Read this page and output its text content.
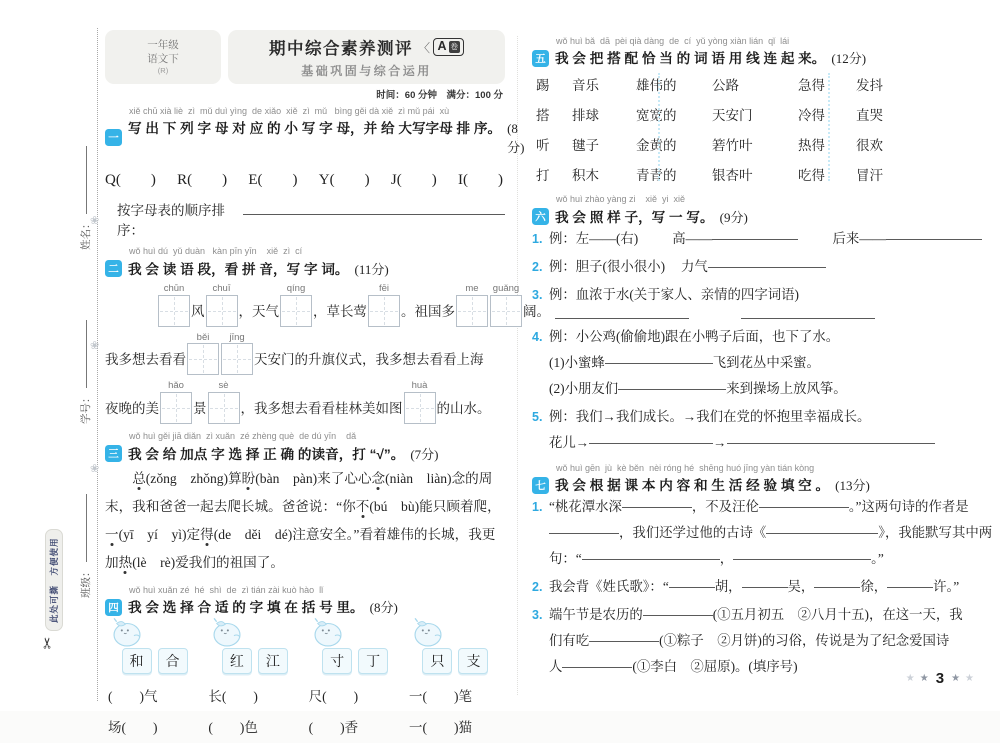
姓名：
学号：
班级：
❀
❀
❀
此处可撕　方便使用
✂
一年级
语文下
(R)
期中综合素养测评 〈 A 卷
基础巩固与综合运用
时间：60 分钟　满分：100 分
xiě chū xià liè  zì  mǔ duì yìng  de xiǎo  xiě  zì  mǔ   bìng gěi dà xiě  zì mǔ pái  xù
一
写 出 下 列 字 母 对 应 的 小 写 字 母，并 给 大写字母 排 序。 (8分)
Q(　　) R(　　) E(　　) Y(　　) J(　　) I(　　)
按字母表的顺序排序：
wǒ huì dú  yǔ duàn   kàn pīn yīn    xiě  zì  cí
二 我 会 读 语 段，看 拼 音，写 字 词。 (11分)
chūn
风
chuī
，天气
qíng
，草长莺
fēi
。祖国多
me guǎng
阔。
我多想去看看
běi jīng
天安门的升旗仪式，我多想去看看上海
夜晚的美
hǎo
景
sè
，我多想去看看桂林美如图
huà
的山水。
wǒ huì gěi jiā diǎn  zì xuǎn  zé zhèng què  de dú yīn    dǎ
三 我 会 给 加点 字 选 择 正 确 的读音，打 “√”。 (7分)

总(zǒng　zhǒng)算盼(bàn　pàn)来了心心念(niàn　liàn)念的周末，我和爸爸一起去爬长城。爸爸说：“你不(bú　bù)能只顾着爬，一(yī　yí　yì)定得(de　děi　dé)注意安全。”看着雄伟的长城，我更加热(lè　rè)爱我们的祖国了。

wǒ huì xuǎn zé  hé  shì  de  zì tián zài kuò hào  lǐ
四 我 会 选 择 合 适 的 字 填 在 括 号 里。 (8分)
和	合
(　　)气
场(　　)
红	江
长(　　)
(　　)色
寸	丁
尺(　　)
(　　)香
只	支
一(　　)笔
一(　　)猫
wǒ huì bǎ  dā  pèi qià dàng  de  cí  yǔ yòng xiàn lián  qǐ  lái
五 我 会 把 搭 配 恰 当 的 词 语 用 线 连 起 来。 (12分)
踢	音乐	雄伟的	公路	急得	发抖
搭	排球	宽宽的	天安门	冷得	直哭
听	毽子	金黄的	箬竹叶	热得	很欢
打	积木	青青的	银杏叶	吃得	冒汗
wǒ huì zhào yàng zi    xiě  yi  xiě
六 我 会 照 样 子，写 一 写。 (9分)
1. 例：左——(右)	高——	后来——
2. 例：胆子(很小很小) 力气
3. 例：血浓于水(关于家人、亲情的四字词语)
4. 例：小公鸡(偷偷地)跟在小鸭子后面，也下了水。
(1)小蜜蜂	飞到花丛中采蜜。
(2)小朋友们	来到操场上放风筝。
5. 例：我们→我们成长。→我们在党的怀抱里幸福成长。
花儿→	→
wǒ huì gēn  jù  kè běn  nèi róng hé  shēng huó jīng yàn tián kòng
七 我 会 根 据 课 本 内 容 和 生 活 经 验 填 空 。 (13分)
1. “桃花潭水深	，不及汪伦	。”这两句诗的作者是
，我们还学过他的古诗《	》，我能默写其中两
句：“	，	。”
2. 我会背《姓氏歌》：“	胡，	吴，	徐，	许。”
3. 端午节是农历的	(①五月初五　②八月十五)，在这一天，我
们有吃	(①粽子　②月饼)的习俗，传说是为了纪念爱国诗
人	(①李白　②屈原)。(填序号)
★ ★ 3 ★ ★
